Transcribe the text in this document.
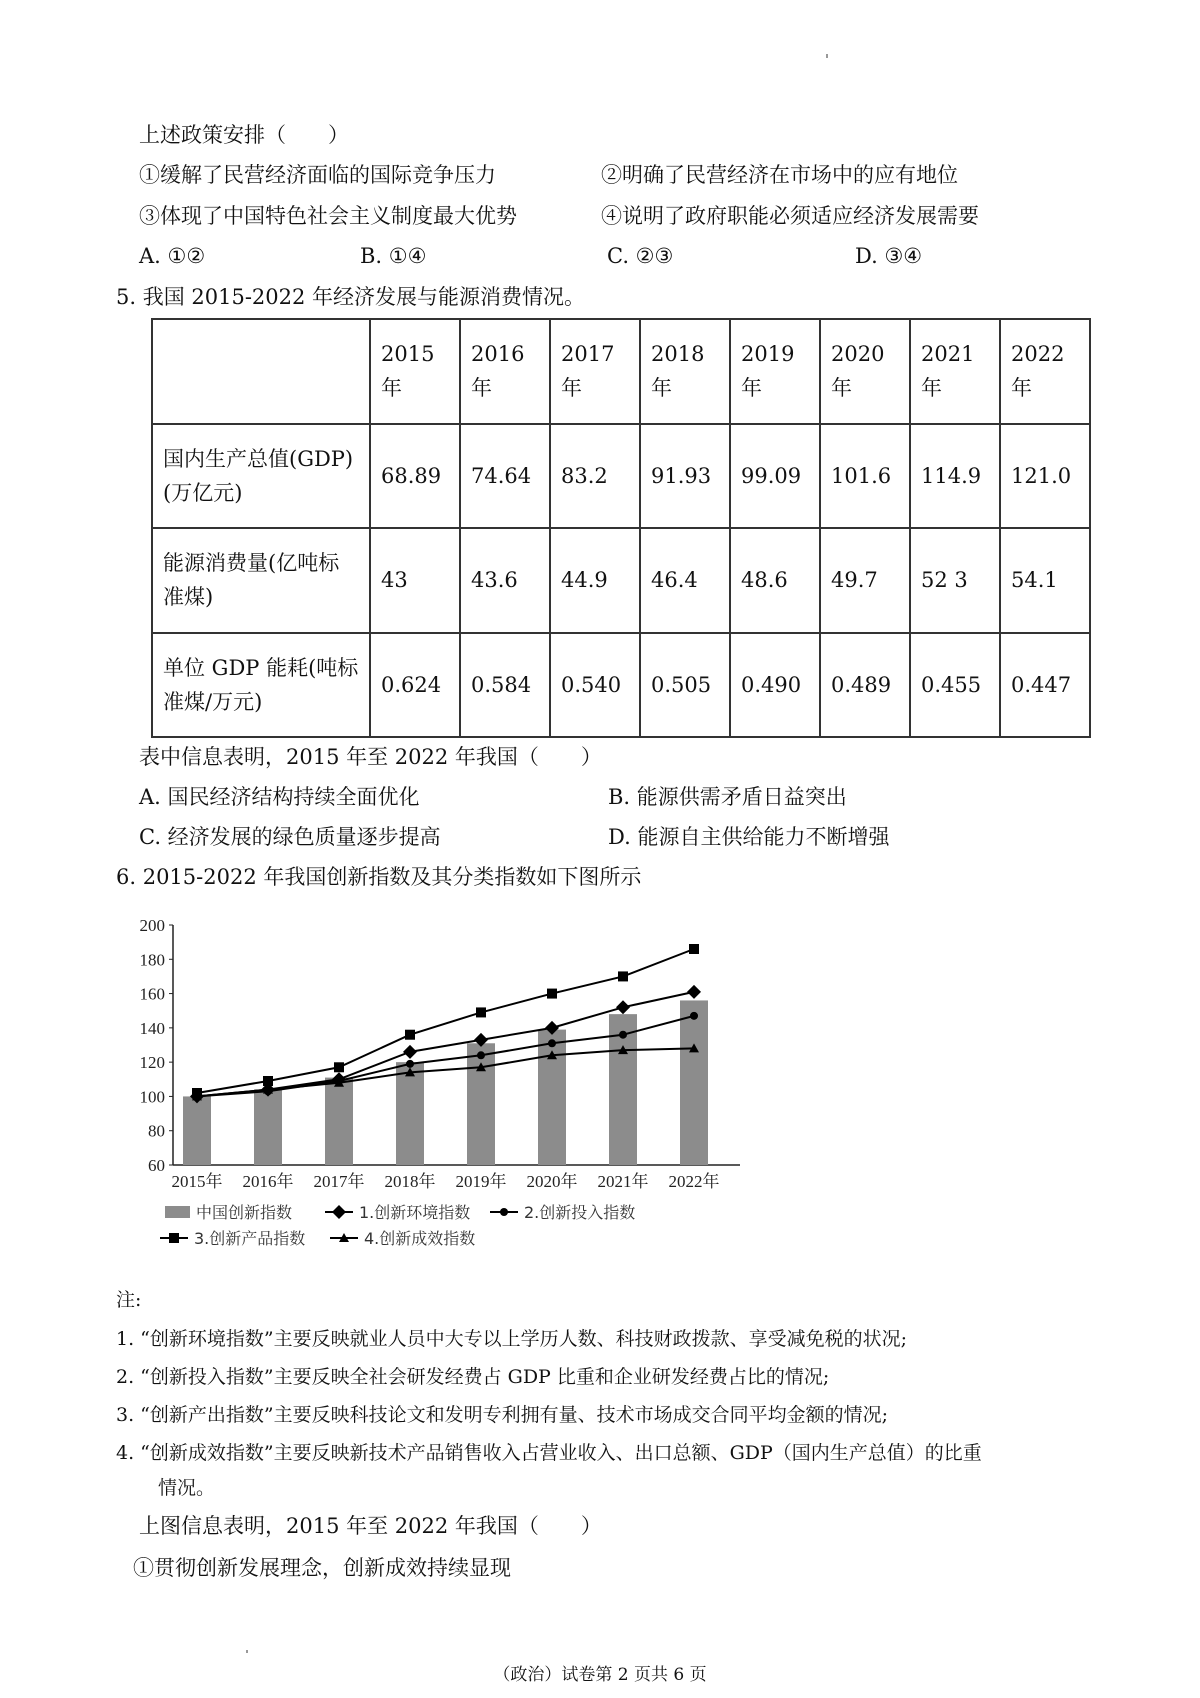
上述政策安排（　　）
①缓解了民营经济面临的国际竞争压力	②明确了民营经济在市场中的应有地位
③体现了中国特色社会主义制度最大优势	④说明了政府职能必须适应经济发展需要
A. ①②	B. ①④	C. ②③	D. ③④
5. 我国 2015-2022 年经济发展与能源消费情况。
	2015年	2016年	2017年	2018年	2019年	2020年	2021年	2022年
国内生产总值(GDP)(万亿元)	68.89	74.64	83.2	91.93	99.09	101.6	114.9	121.0
能源消费量(亿吨标准煤)	43	43.6	44.9	46.4	48.6	49.7	52 3	54.1
单位 GDP 能耗(吨标准煤/万元)	0.624	0.584	0.540	0.505	0.490	0.489	0.455	0.447
表中信息表明，2015 年至 2022 年我国（　　）
A. 国民经济结构持续全面优化	B. 能源供需矛盾日益突出
C. 经济发展的绿色质量逐步提高	D. 能源自主供给能力不断增强
6. 2015-2022 年我国创新指数及其分类指数如下图所示
60
80
100
120
140
160
180
200
2015年 2016年 2017年 2018年 2019年 2020年 2021年 2022年
中国创新指数	1.创新环境指数	2.创新投入指数
3.创新产品指数	4.创新成效指数
注:
1. “创新环境指数”主要反映就业人员中大专以上学历人数、科技财政拨款、享受减免税的状况;
2. “创新投入指数”主要反映全社会研发经费占 GDP 比重和企业研发经费占比的情况;
3. “创新产出指数”主要反映科技论文和发明专利拥有量、技术市场成交合同平均金额的情况;
4. “创新成效指数”主要反映新技术产品销售收入占营业收入、出口总额、GDP（国内生产总值）的比重
情况。
上图信息表明，2015 年至 2022 年我国（　　）
①贯彻创新发展理念，创新成效持续显现
（政治）试卷第 2 页共 6 页
